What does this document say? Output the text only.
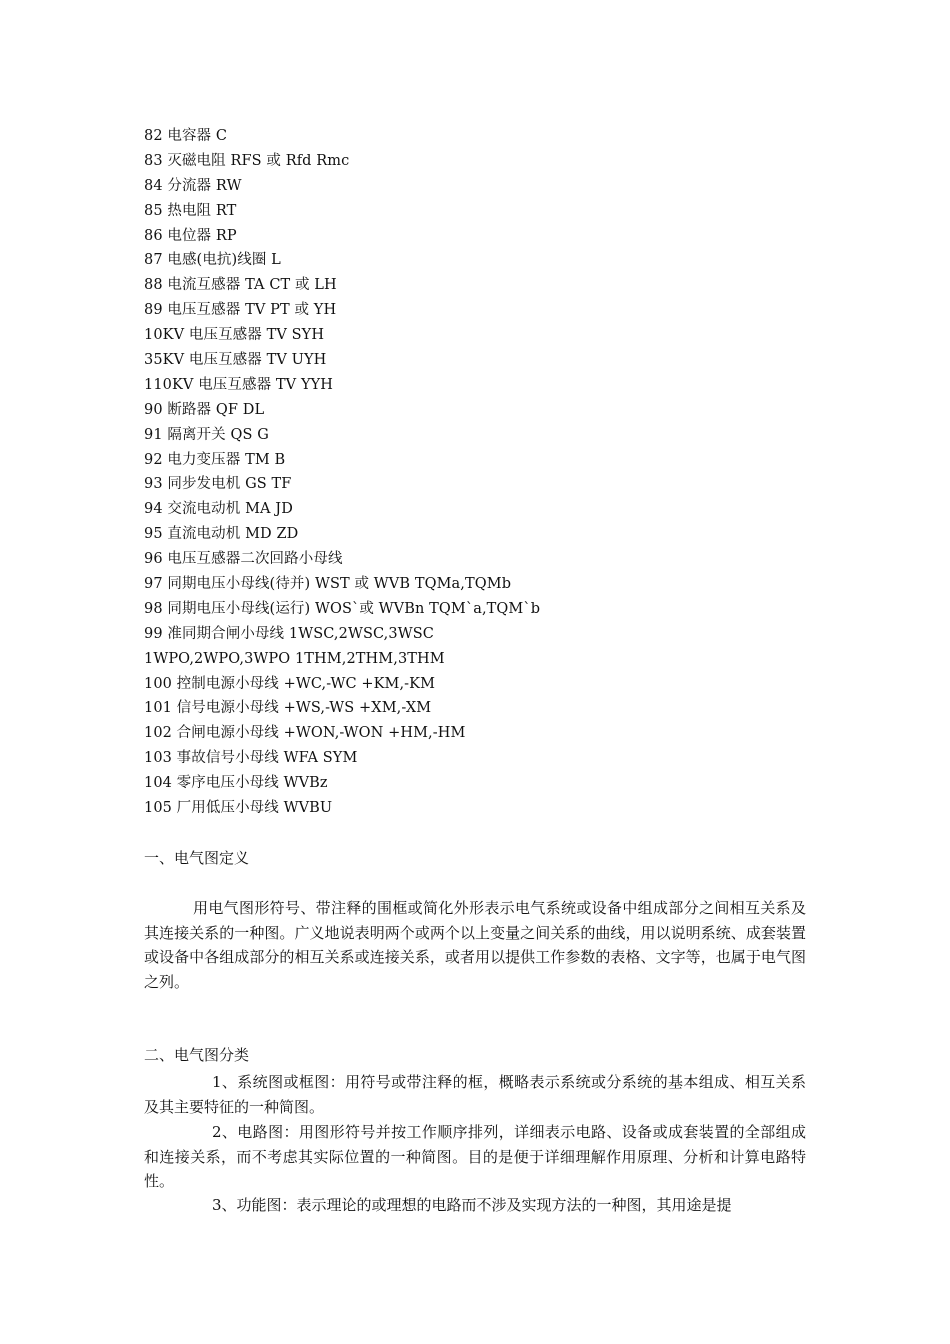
82 电容器 C
83 灭磁电阻 RFS 或 Rfd Rmc
84 分流器 RW
85 热电阻 RT
86 电位器 RP
87 电感(电抗)线圈 L
88 电流互感器 TA CT 或 LH
89 电压互感器 TV PT 或 YH
10KV 电压互感器 TV SYH
35KV 电压互感器 TV UYH
110KV 电压互感器 TV YYH
90 断路器 QF DL
91 隔离开关 QS G
92 电力变压器 TM B
93 同步发电机 GS TF
94 交流电动机 MA JD
95 直流电动机 MD ZD
96 电压互感器二次回路小母线
97 同期电压小母线(待并) WST 或 WVB TQMa,TQMb
98 同期电压小母线(运行) WOS`或 WVBn TQM`a,TQM`b
99 准同期合闸小母线 1WSC,2WSC,3WSC
1WPO,2WPO,3WPO 1THM,2THM,3THM
100 控制电源小母线 +WC,-WC +KM,-KM
101 信号电源小母线 +WS,-WS +XM,-XM
102 合闸电源小母线 +WON,-WON +HM,-HM
103 事故信号小母线 WFA SYM
104 零序电压小母线 WVBz
105 厂用低压小母线 WVBU
一、电气图定义

用电气图形符号、带注释的围框或简化外形表示电气系统或设备中组成部分之间相互关系及其连接关系的一种图。广义地说表明两个或两个以上变量之间关系的曲线，用以说明系统、成套装置或设备中各组成部分的相互关系或连接关系，或者用以提供工作参数的表格、文字等，也属于电气图之列。

二、电气图分类

1、系统图或框图：用符号或带注释的框，概略表示系统或分系统的基本组成、相互关系及其主要特征的一种简图。

2、电路图：用图形符号并按工作顺序排列，详细表示电路、设备或成套装置的全部组成和连接关系，而不考虑其实际位置的一种简图。目的是便于详细理解作用原理、分析和计算电路特性。

3、功能图：表示理论的或理想的电路而不涉及实现方法的一种图，其用途是提
